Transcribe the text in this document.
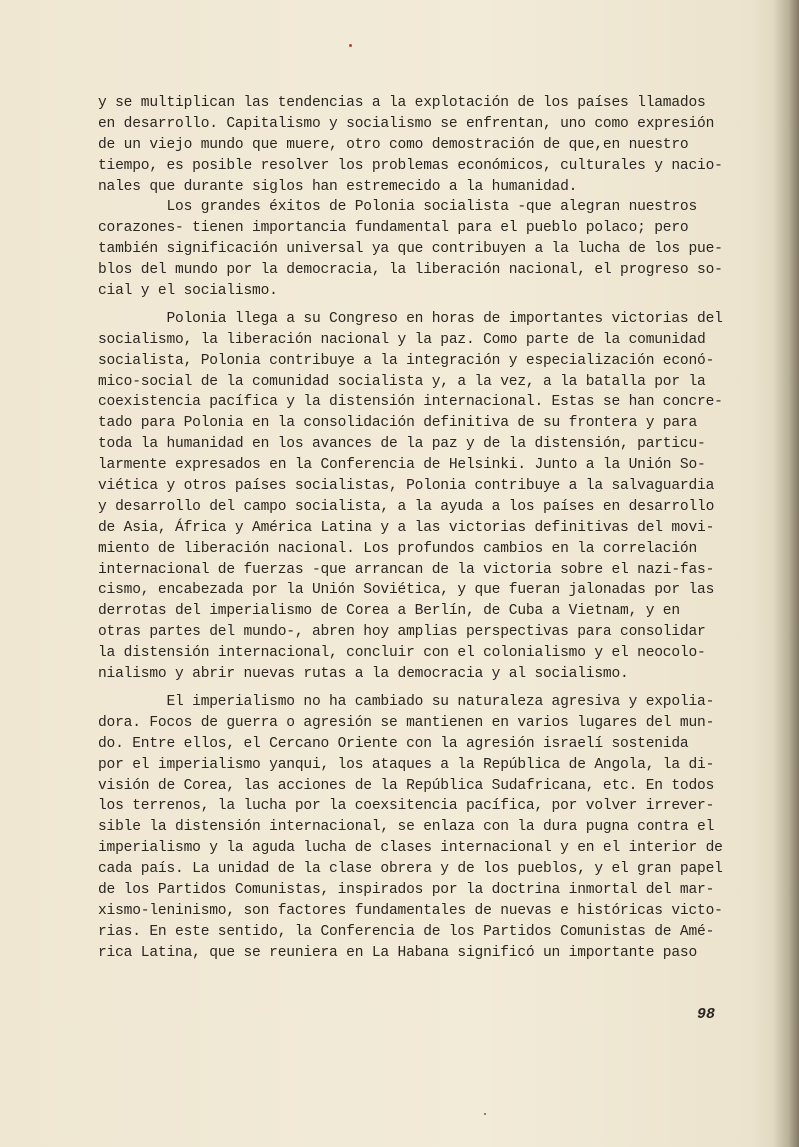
y se multiplican las tendencias a la explotación de los países llamados
en desarrollo. Capitalismo y socialismo se enfrentan, uno como expresión
de un viejo mundo que muere, otro como demostración de que,en nuestro
tiempo, es posible resolver los problemas económicos, culturales y nacio-
nales que durante siglos han estremecido a la humanidad.
Los grandes éxitos de Polonia socialista -que alegran nuestros
corazones- tienen importancia fundamental para el pueblo polaco; pero
también significación universal ya que contribuyen a la lucha de los pue-
blos del mundo por la democracia, la liberación nacional, el progreso so-
cial y el socialismo.
Polonia llega a su Congreso en horas de importantes victorias del
socialismo, la liberación nacional y la paz. Como parte de la comunidad
socialista, Polonia contribuye a la integración y especialización econó-
mico-social de la comunidad socialista y, a la vez, a la batalla por la
coexistencia pacífica y la distensión internacional. Estas se han concre-
tado para Polonia en la consolidación definitiva de su frontera y para
toda la humanidad en los avances de la paz y de la distensión, particu-
larmente expresados en la Conferencia de Helsinki. Junto a la Unión So-
viética y otros países socialistas, Polonia contribuye a la salvaguardia
y desarrollo del campo socialista, a la ayuda a los países en desarrollo
de Asia, África y América Latina y a las victorias definitivas del movi-
miento de liberación nacional. Los profundos cambios en la correlación
internacional de fuerzas -que arrancan de la victoria sobre el nazi-fas-
cismo, encabezada por la Unión Soviética, y que fueran jalonadas por las
derrotas del imperialismo de Corea a Berlín, de Cuba a Vietnam, y en
otras partes del mundo-, abren hoy amplias perspectivas para consolidar
la distensión internacional, concluir con el colonialismo y el neocolo-
nialismo y abrir nuevas rutas a la democracia y al socialismo.
El imperialismo no ha cambiado su naturaleza agresiva y expolia-
dora. Focos de guerra o agresión se mantienen en varios lugares del mun-
do. Entre ellos, el Cercano Oriente con la agresión israelí sostenida
por el imperialismo yanqui, los ataques a la República de Angola, la di-
visión de Corea, las acciones de la República Sudafricana, etc. En todos
los terrenos, la lucha por la coexsitencia pacífica, por volver irrever-
sible la distensión internacional, se enlaza con la dura pugna contra el
imperialismo y la aguda lucha de clases internacional y en el interior de
cada país. La unidad de la clase obrera y de los pueblos, y el gran papel
de los Partidos Comunistas, inspirados por la doctrina inmortal del mar-
xismo-leninismo, son factores fundamentales de nuevas e históricas victo-
rias. En este sentido, la Conferencia de los Partidos Comunistas de Amé-
rica Latina, que se reuniera en La Habana significó un importante paso
98
